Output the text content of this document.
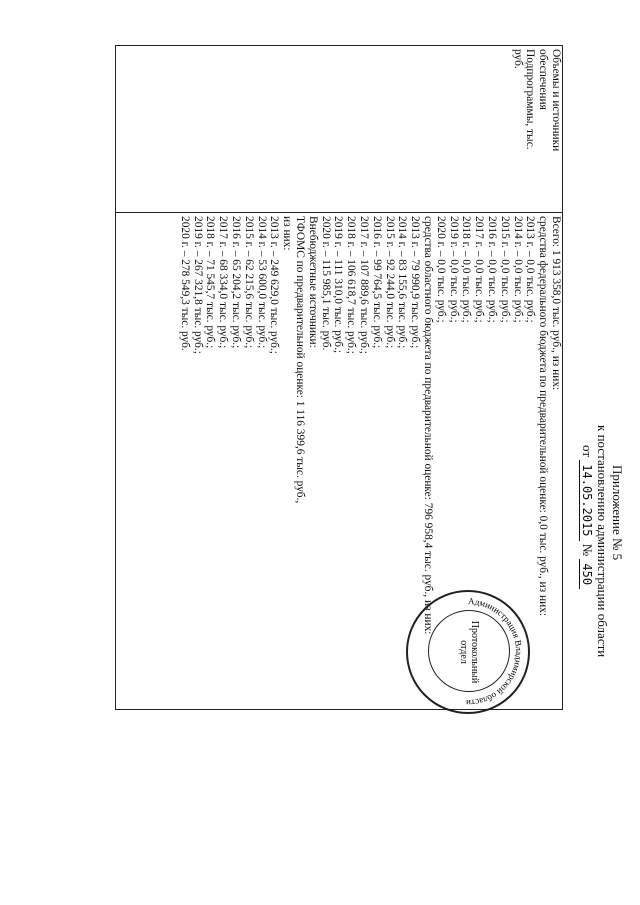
Приложение № 5
к постановлению администрации области
от 14.05.2015 № 450
Объемы и источники
обеспечения
Подпрограммы, тыс.
руб.

Всего: 1 913 358,0 тыс. руб., из них:
средства федерального бюджета по предварительной оценке: 0,0 тыс. руб., из них:
2013 г. – 0,0 тыс. руб.;
2014 г. – 0,0 тыс. руб.;
2015 г. – 0,0 тыс. руб.;
2016 г. – 0,0 тыс. руб.;
2017 г. – 0,0 тыс. руб.;
2018 г. – 0,0 тыс. руб.;
2019 г. – 0,0 тыс. руб.;
2020 г. – 0,0 тыс. руб.;
средства областного бюджета по предварительной оценке: 796 958,4 тыс. руб., из них:
2013 г. – 79 990,9 тыс. руб.;
2014 г. – 83 155,6 тыс. руб.;
2015 г. – 92 244,0 тыс. руб.;
2016 г. – 99 764,5 тыс. руб.;
2017 г. – 107 889,6 тыс. руб.;
2018 г. – 106 618,7 тыс. руб.;
2019 г. – 111 310,0 тыс. руб.;
2020 г. – 115 985,1 тыс. руб.
Внебюджетные источники:
ТФОМС по предварительной оценке: 1 116 399,6 тыс. руб.,
из них:
2013 г. – 249 629,0 тыс. руб.;
2014 г. – 53 600,0 тыс. руб.;
2015 г. – 62 215,6 тыс. руб.;
2016 г. – 65 204,2 тыс. руб.;
2017 г. – 68 334,0 тыс. руб.;
2018 г. – 71 545,7 тыс. руб.;
2019 г. – 267 321,8 тыс. руб.;
2020 г. – 278 549,3 тыс. руб.
Администрация Владимирской области
Протокольный
отдел
